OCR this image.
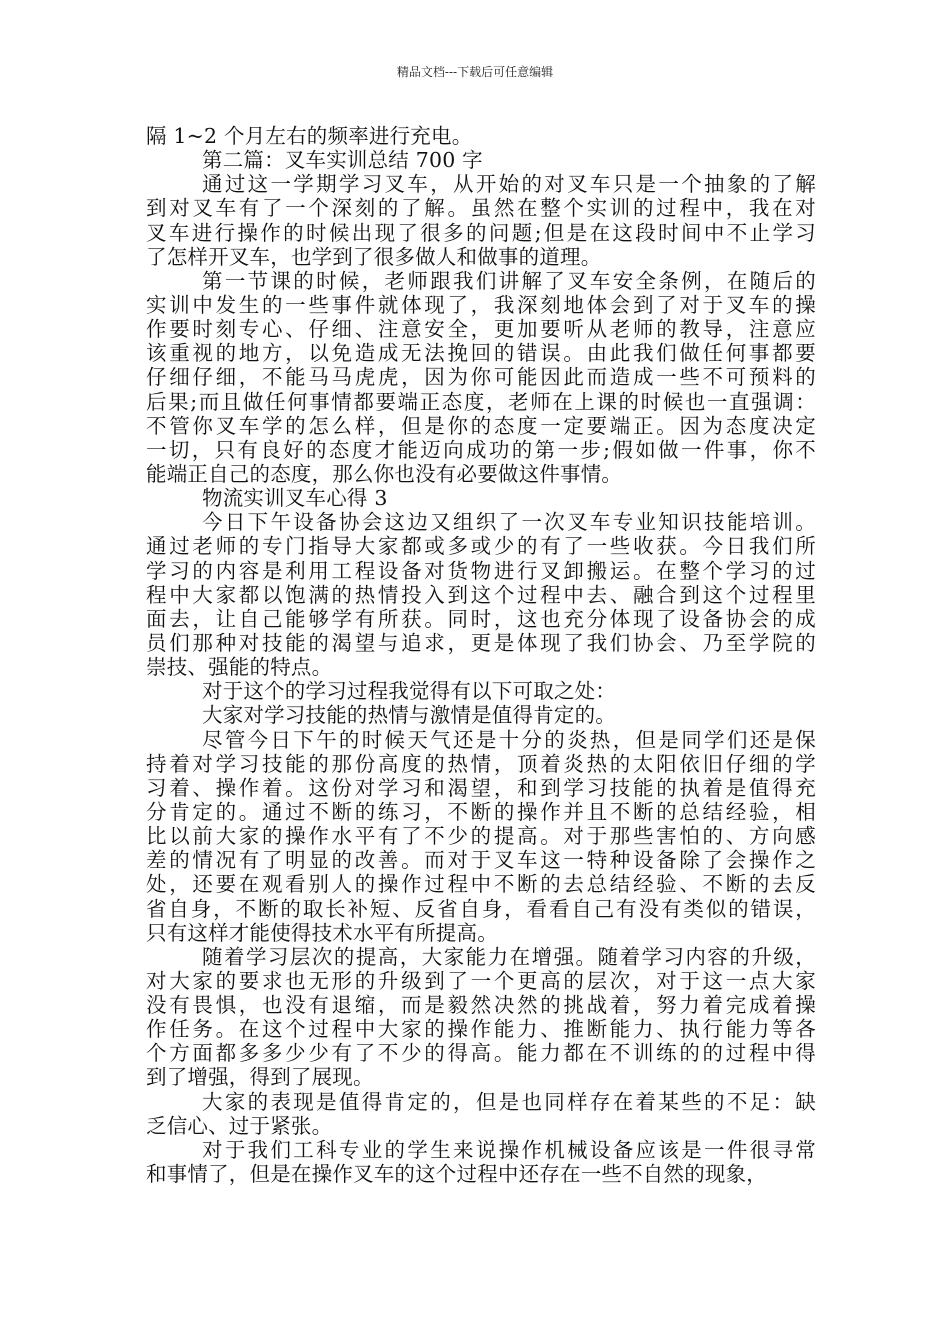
精品文档---下载后可任意编辑
隔 1~2 个月左右的频率进行充电。
第二篇：叉车实训总结 700 字
通过这一学期学习叉车，从开始的对叉车只是一个抽象的了解
到对叉车有了一个深刻的了解。虽然在整个实训的过程中，我在对
叉车进行操作的时候出现了很多的问题;但是在这段时间中不止学习
了怎样开叉车，也学到了很多做人和做事的道理。
第一节课的时候，老师跟我们讲解了叉车安全条例，在随后的
实训中发生的一些事件就体现了，我深刻地体会到了对于叉车的操
作要时刻专心、仔细、注意安全，更加要听从老师的教导，注意应
该重视的地方，以免造成无法挽回的错误。由此我们做任何事都要
仔细仔细，不能马马虎虎，因为你可能因此而造成一些不可预料的
后果;而且做任何事情都要端正态度，老师在上课的时候也一直强调：
不管你叉车学的怎么样，但是你的态度一定要端正。因为态度决定
一切，只有良好的态度才能迈向成功的第一步;假如做一件事，你不
能端正自己的态度，那么你也没有必要做这件事情。
物流实训叉车心得 3
今日下午设备协会这边又组织了一次叉车专业知识技能培训。
通过老师的专门指导大家都或多或少的有了一些收获。今日我们所
学习的内容是利用工程设备对货物进行叉卸搬运。在整个学习的过
程中大家都以饱满的热情投入到这个过程中去、融合到这个过程里
面去，让自己能够学有所获。同时，这也充分体现了设备协会的成
员们那种对技能的渴望与追求，更是体现了我们协会、乃至学院的
崇技、强能的特点。
对于这个的学习过程我觉得有以下可取之处：
大家对学习技能的热情与激情是值得肯定的。
尽管今日下午的时候天气还是十分的炎热，但是同学们还是保
持着对学习技能的那份高度的热情，顶着炎热的太阳依旧仔细的学
习着、操作着。这份对学习和渴望，和到学习技能的执着是值得充
分肯定的。通过不断的练习，不断的操作并且不断的总结经验，相
比以前大家的操作水平有了不少的提高。对于那些害怕的、方向感
差的情况有了明显的改善。而对于叉车这一特种设备除了会操作之
处，还要在观看别人的操作过程中不断的去总结经验、不断的去反
省自身，不断的取长补短、反省自身，看看自己有没有类似的错误，
只有这样才能使得技术水平有所提高。
随着学习层次的提高，大家能力在增强。随着学习内容的升级，
对大家的要求也无形的升级到了一个更高的层次，对于这一点大家
没有畏惧，也没有退缩，而是毅然决然的挑战着，努力着完成着操
作任务。在这个过程中大家的操作能力、推断能力、执行能力等各
个方面都多多少少有了不少的得高。能力都在不训练的的过程中得
到了增强，得到了展现。
大家的表现是值得肯定的，但是也同样存在着某些的不足：缺
乏信心、过于紧张。
对于我们工科专业的学生来说操作机械设备应该是一件很寻常
和事情了，但是在操作叉车的这个过程中还存在一些不自然的现象，
